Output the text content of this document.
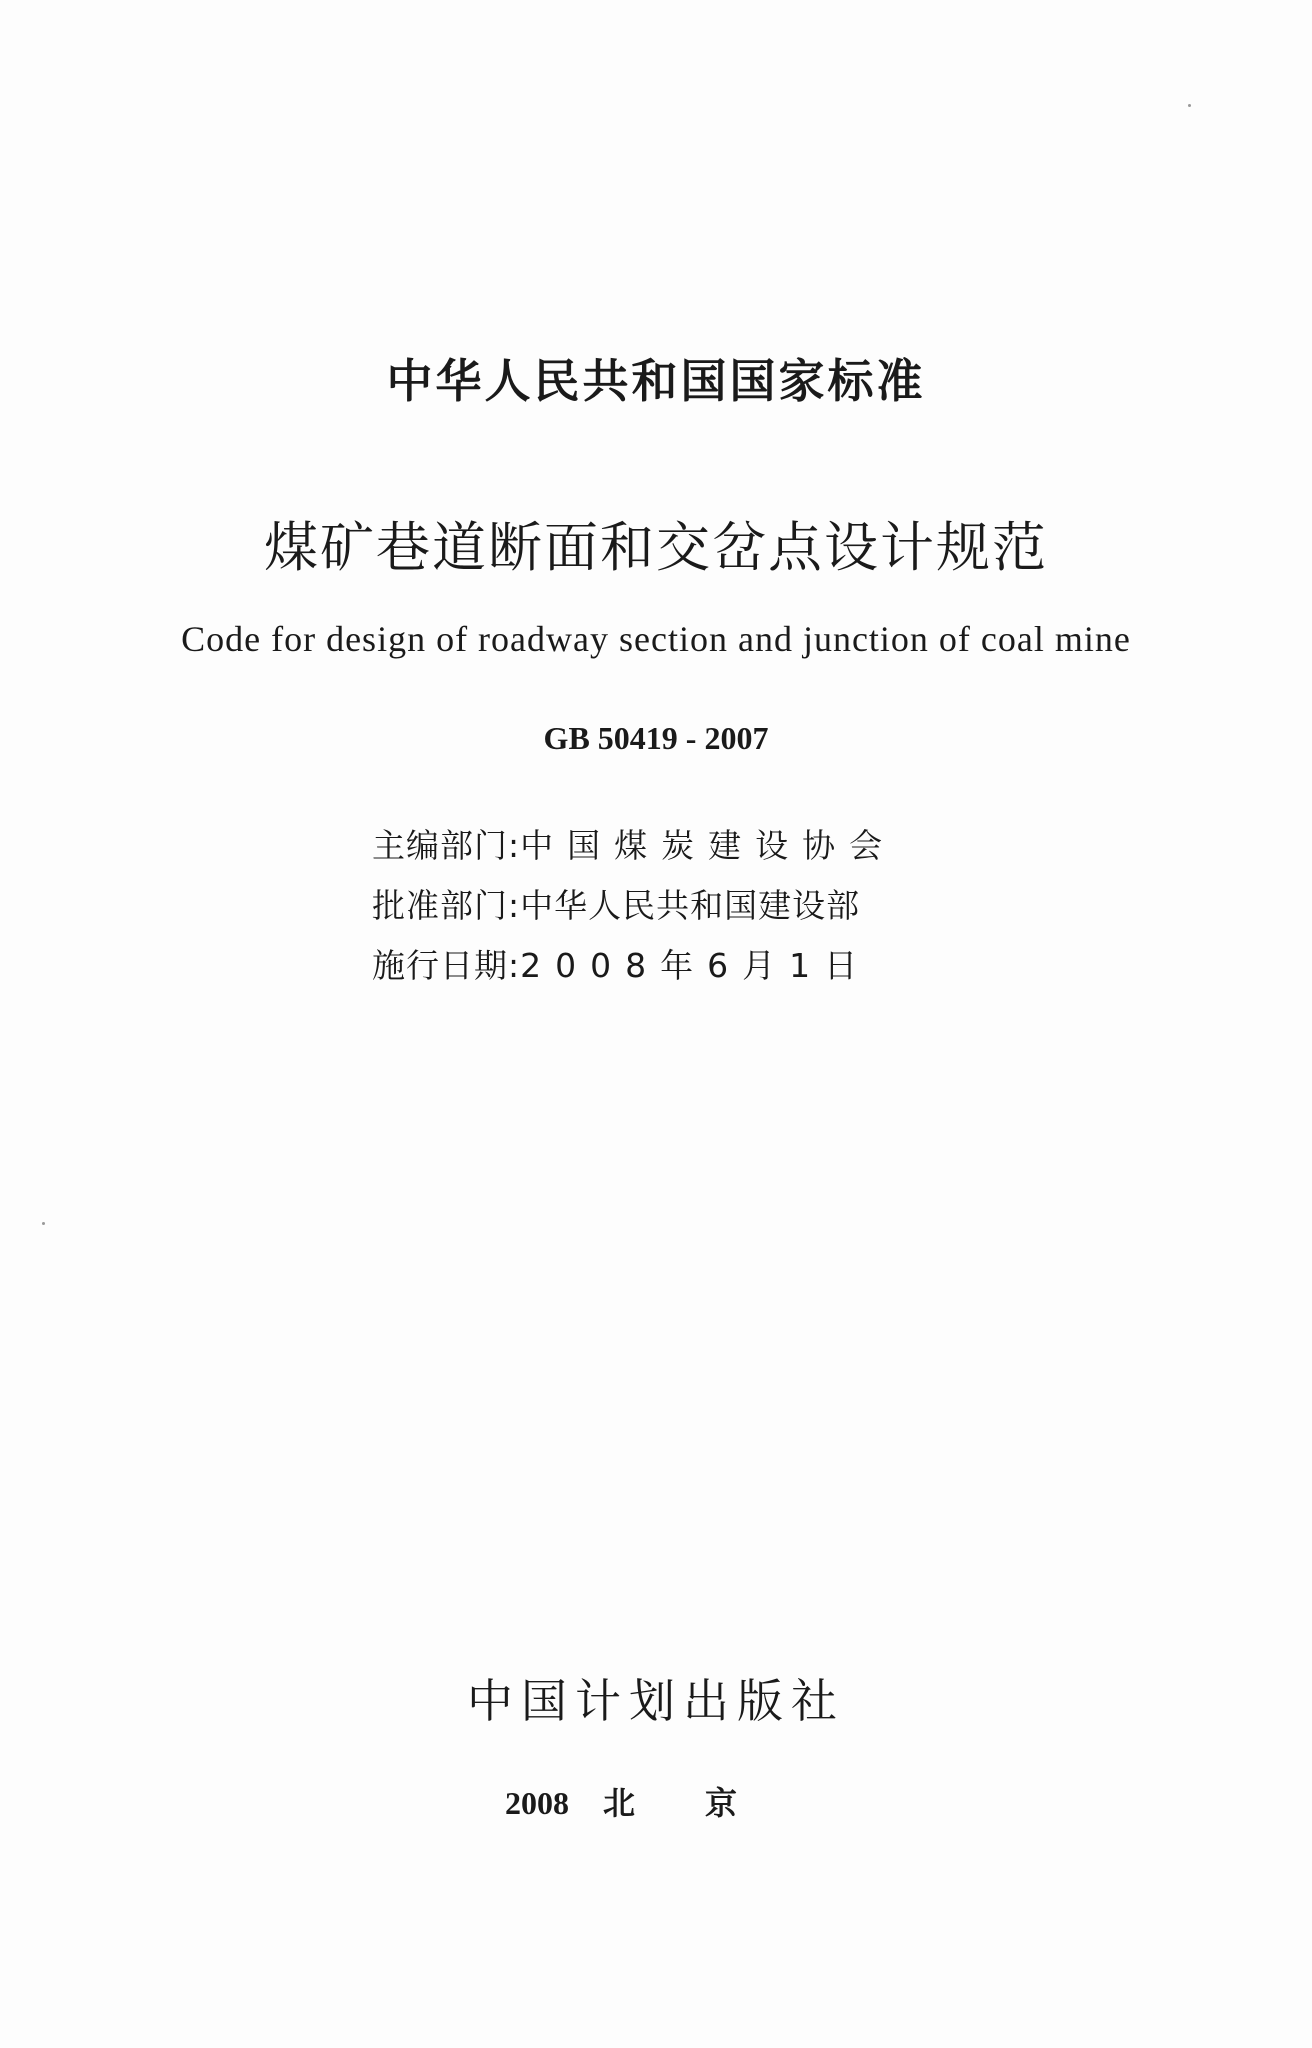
中华人民共和国国家标准
煤矿巷道断面和交岔点设计规范
Code for design of roadway section and junction of coal mine
GB 50419 - 2007
主编部门:中国煤炭建设协会
批准部门:中华人民共和国建设部
施行日期:2008年6月1日
中国计划出版社
2008 北京
